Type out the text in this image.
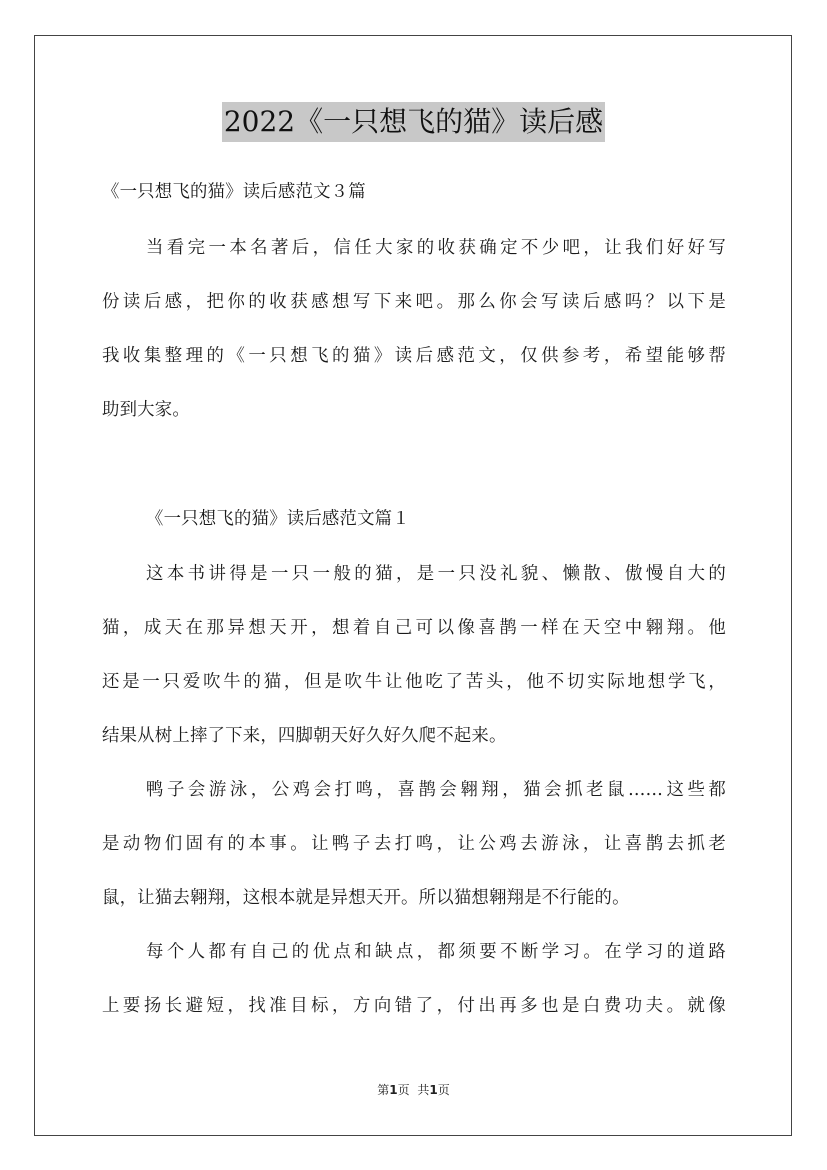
2022《一只想飞的猫》读后感
《一只想飞的猫》读后感范文３篇
当看完一本名著后，信任大家的收获确定不少吧，让我们好好写
份读后感，把你的收获感想写下来吧。那么你会写读后感吗？以下是
我收集整理的《一只想飞的猫》读后感范文，仅供参考，希望能够帮
助到大家。
《一只想飞的猫》读后感范文篇１
这本书讲得是一只一般的猫，是一只没礼貌、懒散、傲慢自大的
猫，成天在那异想天开，想着自己可以像喜鹊一样在天空中翱翔。他
还是一只爱吹牛的猫，但是吹牛让他吃了苦头，他不切实际地想学飞，
结果从树上摔了下来，四脚朝天好久好久爬不起来。
鸭子会游泳，公鸡会打鸣，喜鹊会翱翔，猫会抓老鼠……这些都
是动物们固有的本事。让鸭子去打鸣，让公鸡去游泳，让喜鹊去抓老
鼠，让猫去翱翔，这根本就是异想天开。所以猫想翱翔是不行能的。
每个人都有自己的优点和缺点，都须要不断学习。在学习的道路
上要扬长避短，找准目标，方向错了，付出再多也是白费功夫。就像
第1页 共1页
